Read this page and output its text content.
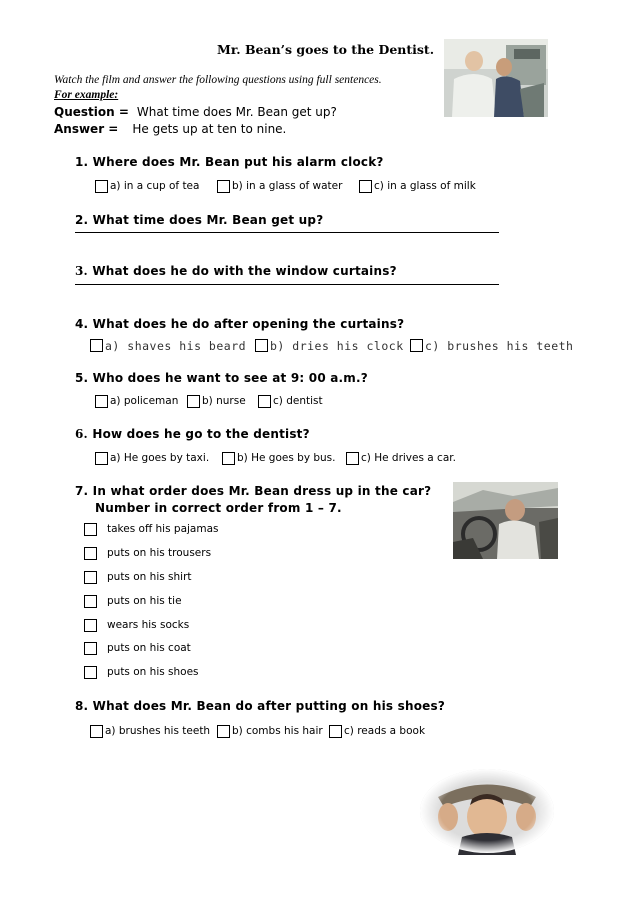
Mr. Bean’s goes to the Dentist.
Watch the film and answer the following questions using full sentences.
For example:
Question = What time does Mr. Bean get up?
Answer = He gets up at ten to nine.
1. Where does Mr. Bean put his alarm clock?
a) in a cup of tea	b) in a glass of water	c) in a glass of milk
2. What time does Mr. Bean get up?
3. What does he do with the window curtains?
4. What does he do after opening the curtains?
a) shaves his beard b) dries his clock c) brushes his teeth
5. Who does he want to see at 9: 00 a.m.?
a) policeman b) nurse	c) dentist
6. How does he go to the dentist?
a) He goes by taxi.	b) He goes by bus. c) He drives a car.
7. In what order does Mr. Bean dress up in the car?
Number in correct order from 1 – 7.
takes off his pajamas
puts on his trousers
puts on his shirt
puts on his tie
wears his socks
puts on his coat
puts on his shoes
8. What does Mr. Bean do after putting on his shoes?
a) brushes his teeth b) combs his hair c) reads a book
